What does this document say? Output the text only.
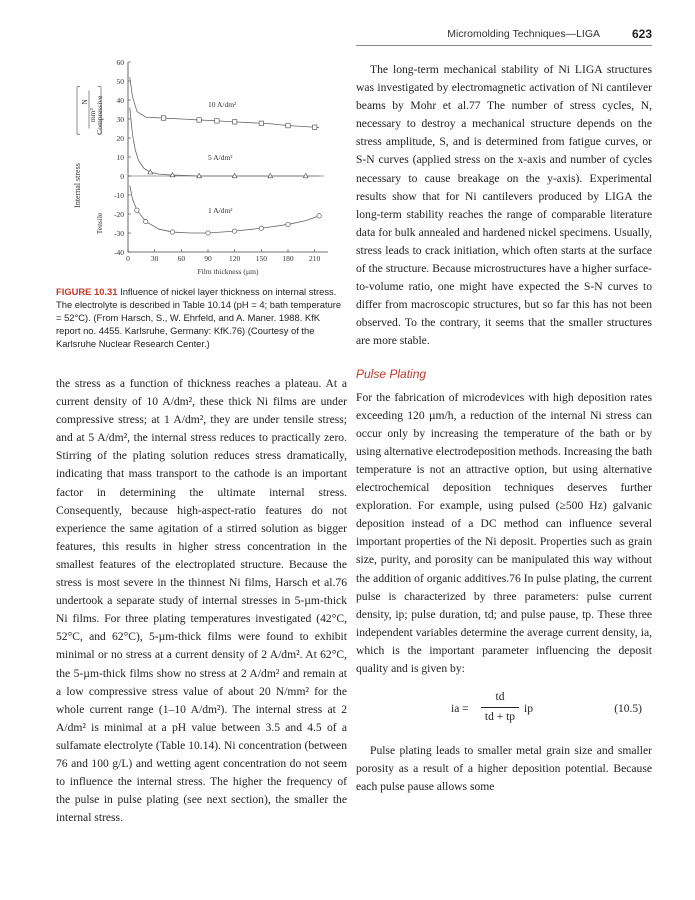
Micromolding Techniques—LIGA	623
60
50
40
30
20
10
0
-10
-20
-30
-40
0	30	60	90 120 150 180 210
Film thickness (µm)
Internal stress
Compressive
Tensile
N
mm²
10 A/dm²
5 A/dm²
1 A/dm²
FIGURE 10.31 Influence of nickel layer thickness on internal stress. The electrolyte is described in Table 10.14 (pH = 4; bath temperature = 52°C). (From Harsch, S., W. Ehrfeld, and A. Maner. 1988. KfK report no. 4455. Karlsruhe, Germany: KfK.76) (Courtesy of the Karlsruhe Nuclear Research Center.)

the stress as a function of thickness reaches a plateau. At a current density of 10 A/dm², these thick Ni films are under compressive stress; at 1 A/dm², they are under tensile stress; and at 5 A/dm², the internal stress reduces to practically zero. Stirring of the plating solution reduces stress dramatically, indicating that mass transport to the cathode is an important factor in determining the ultimate internal stress. Consequently, because high-aspect-ratio features do not experience the same agitation of a stirred solution as bigger features, this results in higher stress concentration in the smallest features of the electroplated structure. Because the stress is most severe in the thinnest Ni films, Harsch et al.76 undertook a separate study of internal stresses in 5-µm-thick Ni films. For three plating temperatures investigated (42°C, 52°C, and 62°C), 5-µm-thick films were found to exhibit minimal or no stress at a current density of 2 A/dm². At 62°C, the 5-µm-thick films show no stress at 2 A/dm² and remain at a low compressive stress value of about 20 N/mm² for the whole current range (1–10 A/dm²). The internal stress at 2 A/dm² is minimal at a pH value between 3.5 and 4.5 of a sulfamate electrolyte (Table 10.14). Ni concentration (between 76 and 100 g/L) and wetting agent concentration do not seem to influence the internal stress. The higher the frequency of the pulse in pulse plating (see next section), the smaller the internal stress.

The long-term mechanical stability of Ni LIGA structures was investigated by electromagnetic activation of Ni cantilever beams by Mohr et al.77 The number of stress cycles, N, necessary to destroy a mechanical structure depends on the stress amplitude, S, and is determined from fatigue curves, or S-N curves (applied stress on the x-axis and number of cycles necessary to cause breakage on the y-axis). Experimental results show that for Ni cantilevers produced by LIGA the long-term stability reaches the range of comparable literature data for bulk annealed and hardened nickel specimens. Usually, stress leads to crack initiation, which often starts at the surface of the structure. Because microstructures have a higher surface-to-volume ratio, one might have expected the S-N curves to differ from macroscopic structures, but so far this has not been observed. To the contrary, it seems that the smaller structures are more stable.

Pulse Plating

For the fabrication of microdevices with high deposition rates exceeding 120 µm/h, a reduction of the internal Ni stress can occur only by increasing the temperature of the bath or by using alternative electrodeposition methods. Increasing the bath temperature is not an attractive option, but using alternative electrochemical deposition techniques deserves further exploration. For example, using pulsed (≥500 Hz) galvanic deposition instead of a DC method can influence several important properties of the Ni deposit. Properties such as grain size, purity, and porosity can be manipulated this way without the addition of organic additives.76 In pulse plating, the current pulse is characterized by three parameters: pulse current density, ip; pulse duration, td; and pulse pause, tp. These three independent variables determine the average current density, ia, which is the important parameter influencing the deposit quality and is given by:

ia = $\frac{td}{td + tp}$ ip	(10.5)

Pulse plating leads to smaller metal grain size and smaller porosity as a result of a higher deposition potential. Because each pulse pause allows some
